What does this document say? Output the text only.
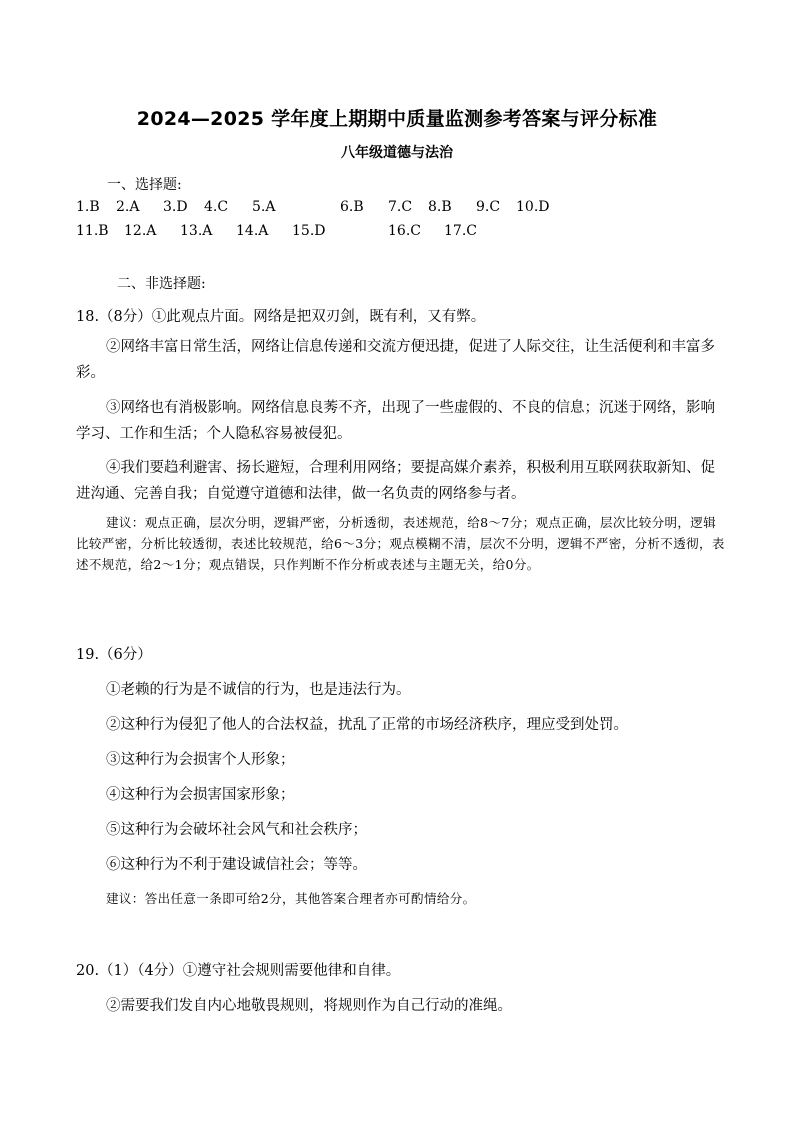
2024—2025 学年度上期期中质量监测参考答案与评分标准
八年级道德与法治
一、选择题:
1.B 2.A 3.D 4.C 5.A	6.B 7.C 8.B 9.C 10.D
11.B 12.A 13.A 14.A 15.D	16.C 17.C
二、非选择题:
18.（8分）①此观点片面。网络是把双刃剑，既有利，又有弊。
②网络丰富日常生活，网络让信息传递和交流方便迅捷，促进了人际交往，让生活便利和丰富多彩。
③网络也有消极影响。网络信息良莠不齐，出现了一些虚假的、不良的信息；沉迷于网络，影响学习、工作和生活；个人隐私容易被侵犯。
④我们要趋利避害、扬长避短，合理利用网络；要提高媒介素养，积极利用互联网获取新知、促进沟通、完善自我；自觉遵守道德和法律，做一名负责的网络参与者。
建议：观点正确，层次分明，逻辑严密，分析透彻，表述规范，给8～7分；观点正确，层次比较分明，逻辑比较严密，分析比较透彻，表述比较规范，给6～3分；观点模糊不清，层次不分明，逻辑不严密，分析不透彻，表述不规范，给2～1分；观点错误，只作判断不作分析或表述与主题无关，给0分。
19.（6分）
①老赖的行为是不诚信的行为，也是违法行为。
②这种行为侵犯了他人的合法权益，扰乱了正常的市场经济秩序，理应受到处罚。
③这种行为会损害个人形象；
④这种行为会损害国家形象；
⑤这种行为会破坏社会风气和社会秩序；
⑥这种行为不利于建设诚信社会；等等。
建议：答出任意一条即可给2分，其他答案合理者亦可酌情给分。
20.（1）（4分）①遵守社会规则需要他律和自律。
②需要我们发自内心地敬畏规则，将规则作为自己行动的准绳。
